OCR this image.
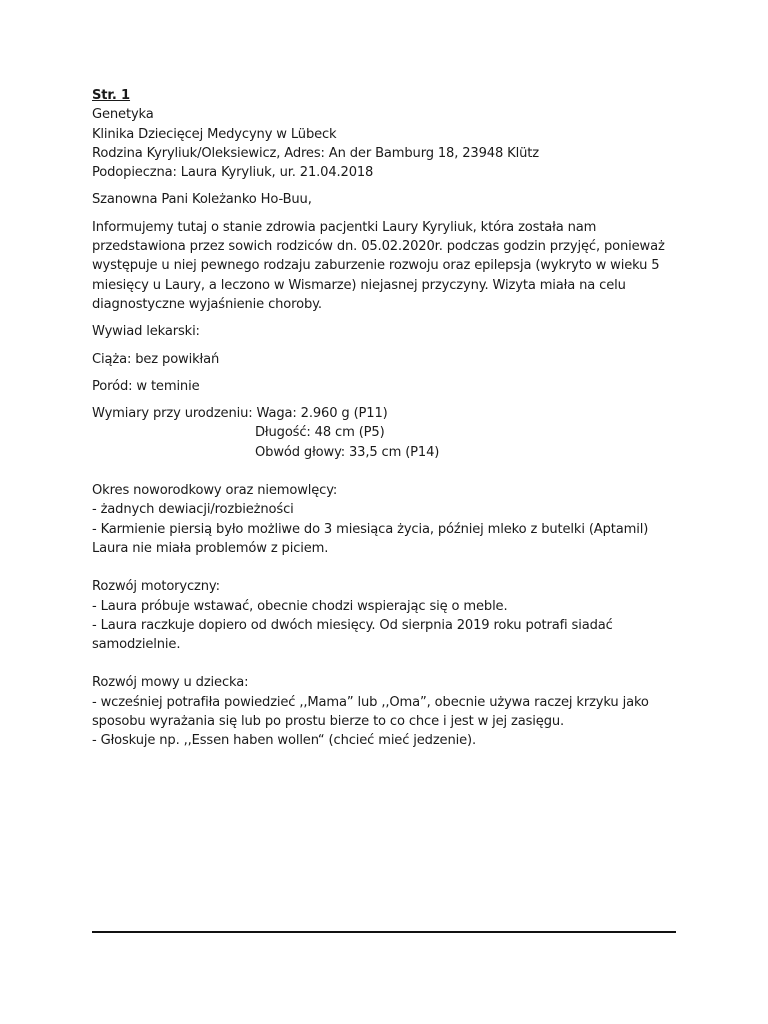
Str. 1
Genetyka
Klinika Dziecięcej Medycyny w Lübeck
Rodzina Kyryliuk/Oleksiewicz, Adres: An der Bamburg 18, 23948 Klütz
Podopieczna: Laura Kyryliuk, ur. 21.04.2018
Szanowna Pani Koleżanko Ho-Buu,
Informujemy tutaj o stanie zdrowia pacjentki Laury Kyryliuk, która została nam
przedstawiona przez sowich rodziców dn. 05.02.2020r. podczas godzin przyjęć, ponieważ
występuje u niej pewnego rodzaju zaburzenie rozwoju oraz epilepsja (wykryto w wieku 5
miesięcy u Laury, a leczono w Wismarze) niejasnej przyczyny. Wizyta miała na celu
diagnostyczne wyjaśnienie choroby.
Wywiad lekarski:
Ciąża: bez powikłań
Poród: w teminie
Wymiary przy urodzeniu: Waga: 2.960 g (P11)
Długość: 48 cm (P5)
Obwód głowy: 33,5 cm (P14)
Okres noworodkowy oraz niemowlęcy:
- żadnych dewiacji/rozbieżności
- Karmienie piersią było możliwe do 3 miesiąca życia, później mleko z butelki (Aptamil)
Laura nie miała problemów z piciem.
Rozwój motoryczny:
- Laura próbuje wstawać, obecnie chodzi wspierając się o meble.
- Laura raczkuje dopiero od dwóch miesięcy. Od sierpnia 2019 roku potrafi siadać
samodzielnie.
Rozwój mowy u dziecka:
- wcześniej potrafiła powiedzieć ,,Mama” lub ,,Oma”, obecnie używa raczej krzyku jako
sposobu wyrażania się lub po prostu bierze to co chce i jest w jej zasięgu.
- Głoskuje np. ,,Essen haben wollen“ (chcieć mieć jedzenie).
